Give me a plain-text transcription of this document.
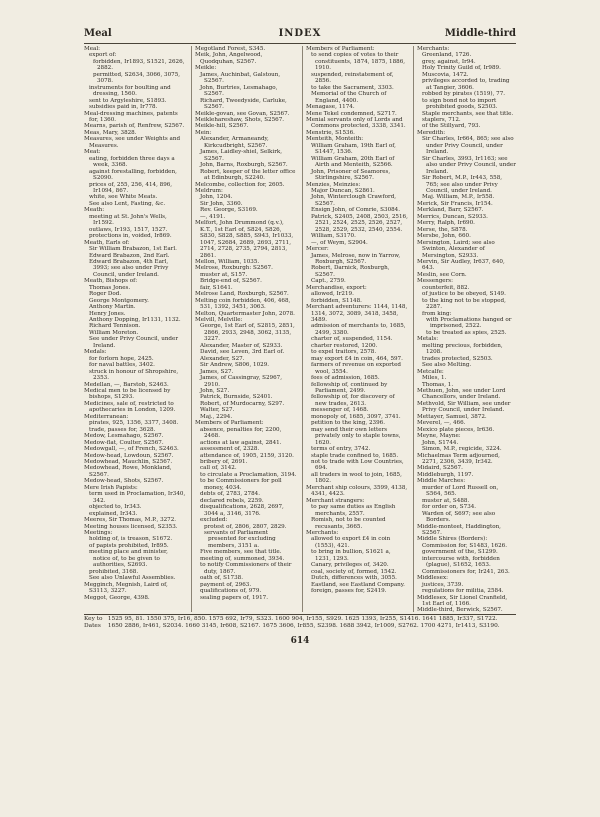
INDEX
Meal	Middle-third
Meal:
export of:
forbidden, Ir1893, S1521, 2626, 2882.
permitted, S2634, 3066, 3075, 3078.
instruments for boulting and dressing, 1560.
sent to Argyleshire, S1893.
subsidies paid in, Ir778.
Meal-dressing machines, patents for, 1360.
Mearns, parish of, Renfrew, S2567.
Meas, Mary, 3828.
Measures, see under Weights and Measures.
Meat:
eating, forbidden three days a week, 3368.
against forestalling, forbidden, S2090.
prices of, 255, 256, 414, 896, Ir1094, 867.
white, see White Meats.
See also Lent, Fasting, &c.
Meath:
meeting at St. John's Wells, Ir1592.
outlaws, Ir193, 1517, 1527.
protections in, voided, Ir869.
Meath, Earls of:
Sir William Brabazon, 1st Earl.
Edward Brabazon, 2nd Earl.
Edward Brabazon, 4th Earl, 3993; see also under Privy Council, under Ireland.
Meath, Bishops of:
Thomas Jones.
Roger Dod.
George Montgomery.
Anthony Martin.
Henry Jones.
Anthony Dopping, Ir1131, 1132.
Richard Tennison.
William Moreton.
See under Privy Council, under Ireland.
Medals:
for forlorn hope, 2425.
for naval battles, 3402.
struck in honour of Shropshire, 2353.
Medellan, —, Barstob, S2463.
Medical men to be licensed by bishops, S1293.
Medicines, sale of, restricted to apothecaries in London, 1209.
Mediterranean:
pirates, 925, 1356, 3377, 3408.
trade, passes for, 3628.
Medow, Lesmahago, S2567.
Medow-flat, Coulter, S2567.
Medowgall, —, of French, S2463.
Medow-head, Lowdoun, S2567.
Medowhead, Mauchlin, S2567.
Medowhead, Rowe, Monkland, S2567.
Medow-head, Shots, S2567.
Mere Irish Papists:
term used in Proclamation, Ir340, 342.
objected to, Ir343.
explained, Ir343.
Meeres, Sir Thomas, M.P., 3272.
Meeting houses licensed, S2353.
Meetings:
holding of, is treason, S1672.
of papists prohibited, Ir895.
meeting place and minister, notice of, to be given to authorities, S2693.
prohibited, 3168.
See also Unlawful Assemblies.
Megginch, Megnish, Laird of, S3113, 3227.
Meggot, George, 4398.
Megotland Forest, S345.
Meik, John, Angelwood, Quodquhan, S2567.
Meikle:
James, Auchinbat, Galstoun, S2567.
John, Burtries, Lesmahago, S2567.
Richard, Tweedyside, Carluke, S2567.
Meikle-govan, see Govan, S2567.
Meiklehareshaw, Shots, S2567.
Meikle-hill, S2567.
Mein:
Alexander, Armaneandy, Kirkcudbright, S2567.
James, Laidley-shiel, Selkirk, S2567.
John, Barns, Roxburgh, S2567.
Robert, keeper of the letter office at Edinburgh, S2240.
Melcombe, collection for, 2605.
Meldrum:
John, 1204.
Sir John, 3360.
Rev. George, S3169.
—, 4191.
Melfort, John Drummond (q.v.), K.T., 1st Earl of, S824, S826, S830, S828, S885, S943, Ir1033, 1047, S2684, 2689, 2693, 2711, 2714, 2728, 2735, 2794, 2813, 2861.
Mellon, William, 1035.
Melrose, Roxburgh: S2567.
muster at, S157.
Bridge-end of, S2567.
fair, S1641.
Melrose Land, Roxburgh, S2567.
Melting coin forbidden, 406, 468, 531, 1392, 3451, 3063.
Melton, Quartermaster John, 2078.
Melvill, Melville:
George, 1st Earl of, S2815, 2851, 2866, 2933, 2948, 3062, 3135, 3227.
Alexander, Master of, S2933.
David, see Leven, 3rd Earl of.
Alexander, S27.
Sir Andrew, S806, 1029.
James, S27.
James, of Cassingray, S2967, 2910.
John, S27.
Patrick, Burnside, S2401.
Robert, of Murdocarny, S297.
Walter, S27.
Maj., 2294.
Members of Parliament:
absence, penalties for, 2200, 2468.
actions at law against, 2841.
assessment of, 2328.
attendance of, 1905, 2159, 3120.
bribery of, 2691.
call of, 3142.
to circulate a Proclamation, 3194.
to be Commissioners for poll money, 4034.
debts of, 2783, 2784.
declared rebels, 2259.
disqualifications, 2628, 2697, 3044 a, 3146, 3176.
excluded:
protest of, 2806, 2807, 2829.
servants of Parliament presented for excluding members, 3151 a.
Five members, see that title.
meeting of, summoned, 3934.
to notify Commissioners of their duty, 1867.
oath of, S1738.
payment of, 2963.
qualifications of, 979.
sealing papers of, 1917.
Members of Parliament:
to send copies of votes to their constituents, 1874, 1875, 1886, 1910.
suspended, reinstatement of, 2856.
to take the Sacrament, 3303.
Memorial of the Church of England, 4400.
Menagase, 1174.
Mene Tekel condemned, S2717.
Menial servants only of Lords and Commons protected, 3338, 3341.
Menstrie, S1536.
Menteith, Monteith:
William Graham, 19th Earl of, S1447, 1536.
William Graham, 20th Earl of Airth and Menteith, S2566.
John, Prisoner of Seamores, Stirlingshire, S2567.
Menzies, Meinzies:
Major Duncan, S2861.
John, Winterclough Crawford, S2567.
Ensign John, of Comrie, S3084.
Patrick, S2405, 2408, 2503, 2516, 2521, 2524, 2525, 2526, 2527, 2528, 2529, 2532, 2540, 2554.
William, S3170.
—, of Weym, S2904.
Mercer:
James, Melrose, now in Yarrow, Roxburgh, S2567.
Robert, Darnick, Roxburgh, S2567.
Capt., 2759.
Merchandise, export:
allowed, Ir219.
forbidden, S1148.
Merchant adventurers: 1144, 1148, 1314, 3072, 3089, 3418, 3458, 3489.
admission of merchants to, 1685, 2499, 3380.
charter of, suspended, 1154.
charter restored, 1200.
to expel traitors, 2578.
may export £4 in coin, 464, 597.
farmers of revenue on exported wool, 3554.
fees of admission, 1685.
fellowship of, continued by Parliament, 2499.
fellowship of, for discovery of new trades, 2613.
messenger of, 1468.
monopoly of, 1685, 3097, 3741.
petition to the king, 2396.
may send their own letters privately only to staple towns, 1620.
terms of entry, 3742.
staple trade confined to, 1685.
not to trade with Low Countries, 694.
all traders in wool to join, 1685, 1802.
Merchant ship colours, 3599, 4138, 4341, 4423.
Merchant strangers:
to pay same duties as English merchants, 2557.
Romish, not to be counted recusants, 3665.
Merchants:
allowed to export £4 in coin (1553), 421.
to bring in bullion, S1621 a, 1231, 1293.
Canary, privileges of, 3420.
coal, society of, formed, 1542.
Dutch, differences with, 3055.
Eastland, see Eastland Company.
foreign, passes for, S2419.
Merchants:
Greenland, 1726.
grey, against, Ir94.
Holy Trinity Guild of, Ir989.
Muscovia, 1472.
privileges accorded to, trading at Tangier, 3606.
robbed by pirates (1519), 77.
to sign bond not to import prohibited goods, S2503.
Staple merchants, see that title.
staplers, 712.
of the Stillyard, 793.
Meredith:
Sir Charles, Ir664, 865; see also under Privy Council, under Ireland.
Sir Charles, 3993, Ir1163; see also under Privy Council, under Ireland.
Sir Robert, M.P., Ir443, 558, 765; see also under Privy Council, under Ireland.
Maj. William, M.P., Ir558.
Merick, Sir Francis, Ir154.
Merkland, Barr, S2567.
Merrics, Duncan, S2933.
Merry, Ralph, Ir690.
Merse, the, S878.
Mersbe, John, 660.
Mersington, Laird; see also Swinton, Alexander of Mersington, S2933.
Mervin, Sir Audley, Ir637, 640, 643.
Meslin, see Corn.
Messengers:
counterfeit, 882.
of justice to be obeyed, S149.
to the king not to be stopped, 2287.
from king:
with Proclamations hanged or imprisoned, 2522.
to be treated as spies, 2525.
Metals:
melting precious, forbidden, 1208.
trades protected, S2503.
See also Melting.
Metcalfe:
Miles, 1.
Thomas, 1.
Methuen, John, see under Lord Chancellors, under Ireland.
Methvold, Sir William, see under Privy Council, under Ireland.
Mettayer, Samuel, 3872.
Meverel, —, 466.
Mexico plate pieces, Ir636.
Meyne, Mayne:
John, S1744.
Simon, M.P., regicide, 3224.
Michaelmas Term adjourned, 2271, 2306, 3439, Ir342.
Midaird, S2567.
Middleburgh, 1197.
Middle Marches:
murder of Lord Russell on, S564, 565.
muster at, S488.
for order on, S734.
Warden of, S697; see also Borders.
Middle-monteet, Haddington, S2567.
Middle Shires (Borders):
Commission for, S1483, 1626.
government of the, S1299.
intercourse with, forbidden (plague), S1652, 1653.
Commissioners for, Ir241, 263.
Middlesex:
justices, 3739.
regulations for militia, 2584.
Middlesex, Sir Lionel Cranfield, 1st Earl of, 1166.
Middle-third, Berwick, S2567.
Key to 1525 95, 81. 1550 375, Ir16, 850. 1575 692, Ir79, S323. 1600 904, Ir155, S929. 1625 1393, Ir255, S1416. 1641 1885, Ir337, S1722.
Dates 1650 2886, Ir461, S2034. 1660 3145, Ir608, S2167. 1675 3606, Ir855, S2398. 1688 3942, Ir1009, S2762. 1700 4271, Ir1413, S3190.
614
